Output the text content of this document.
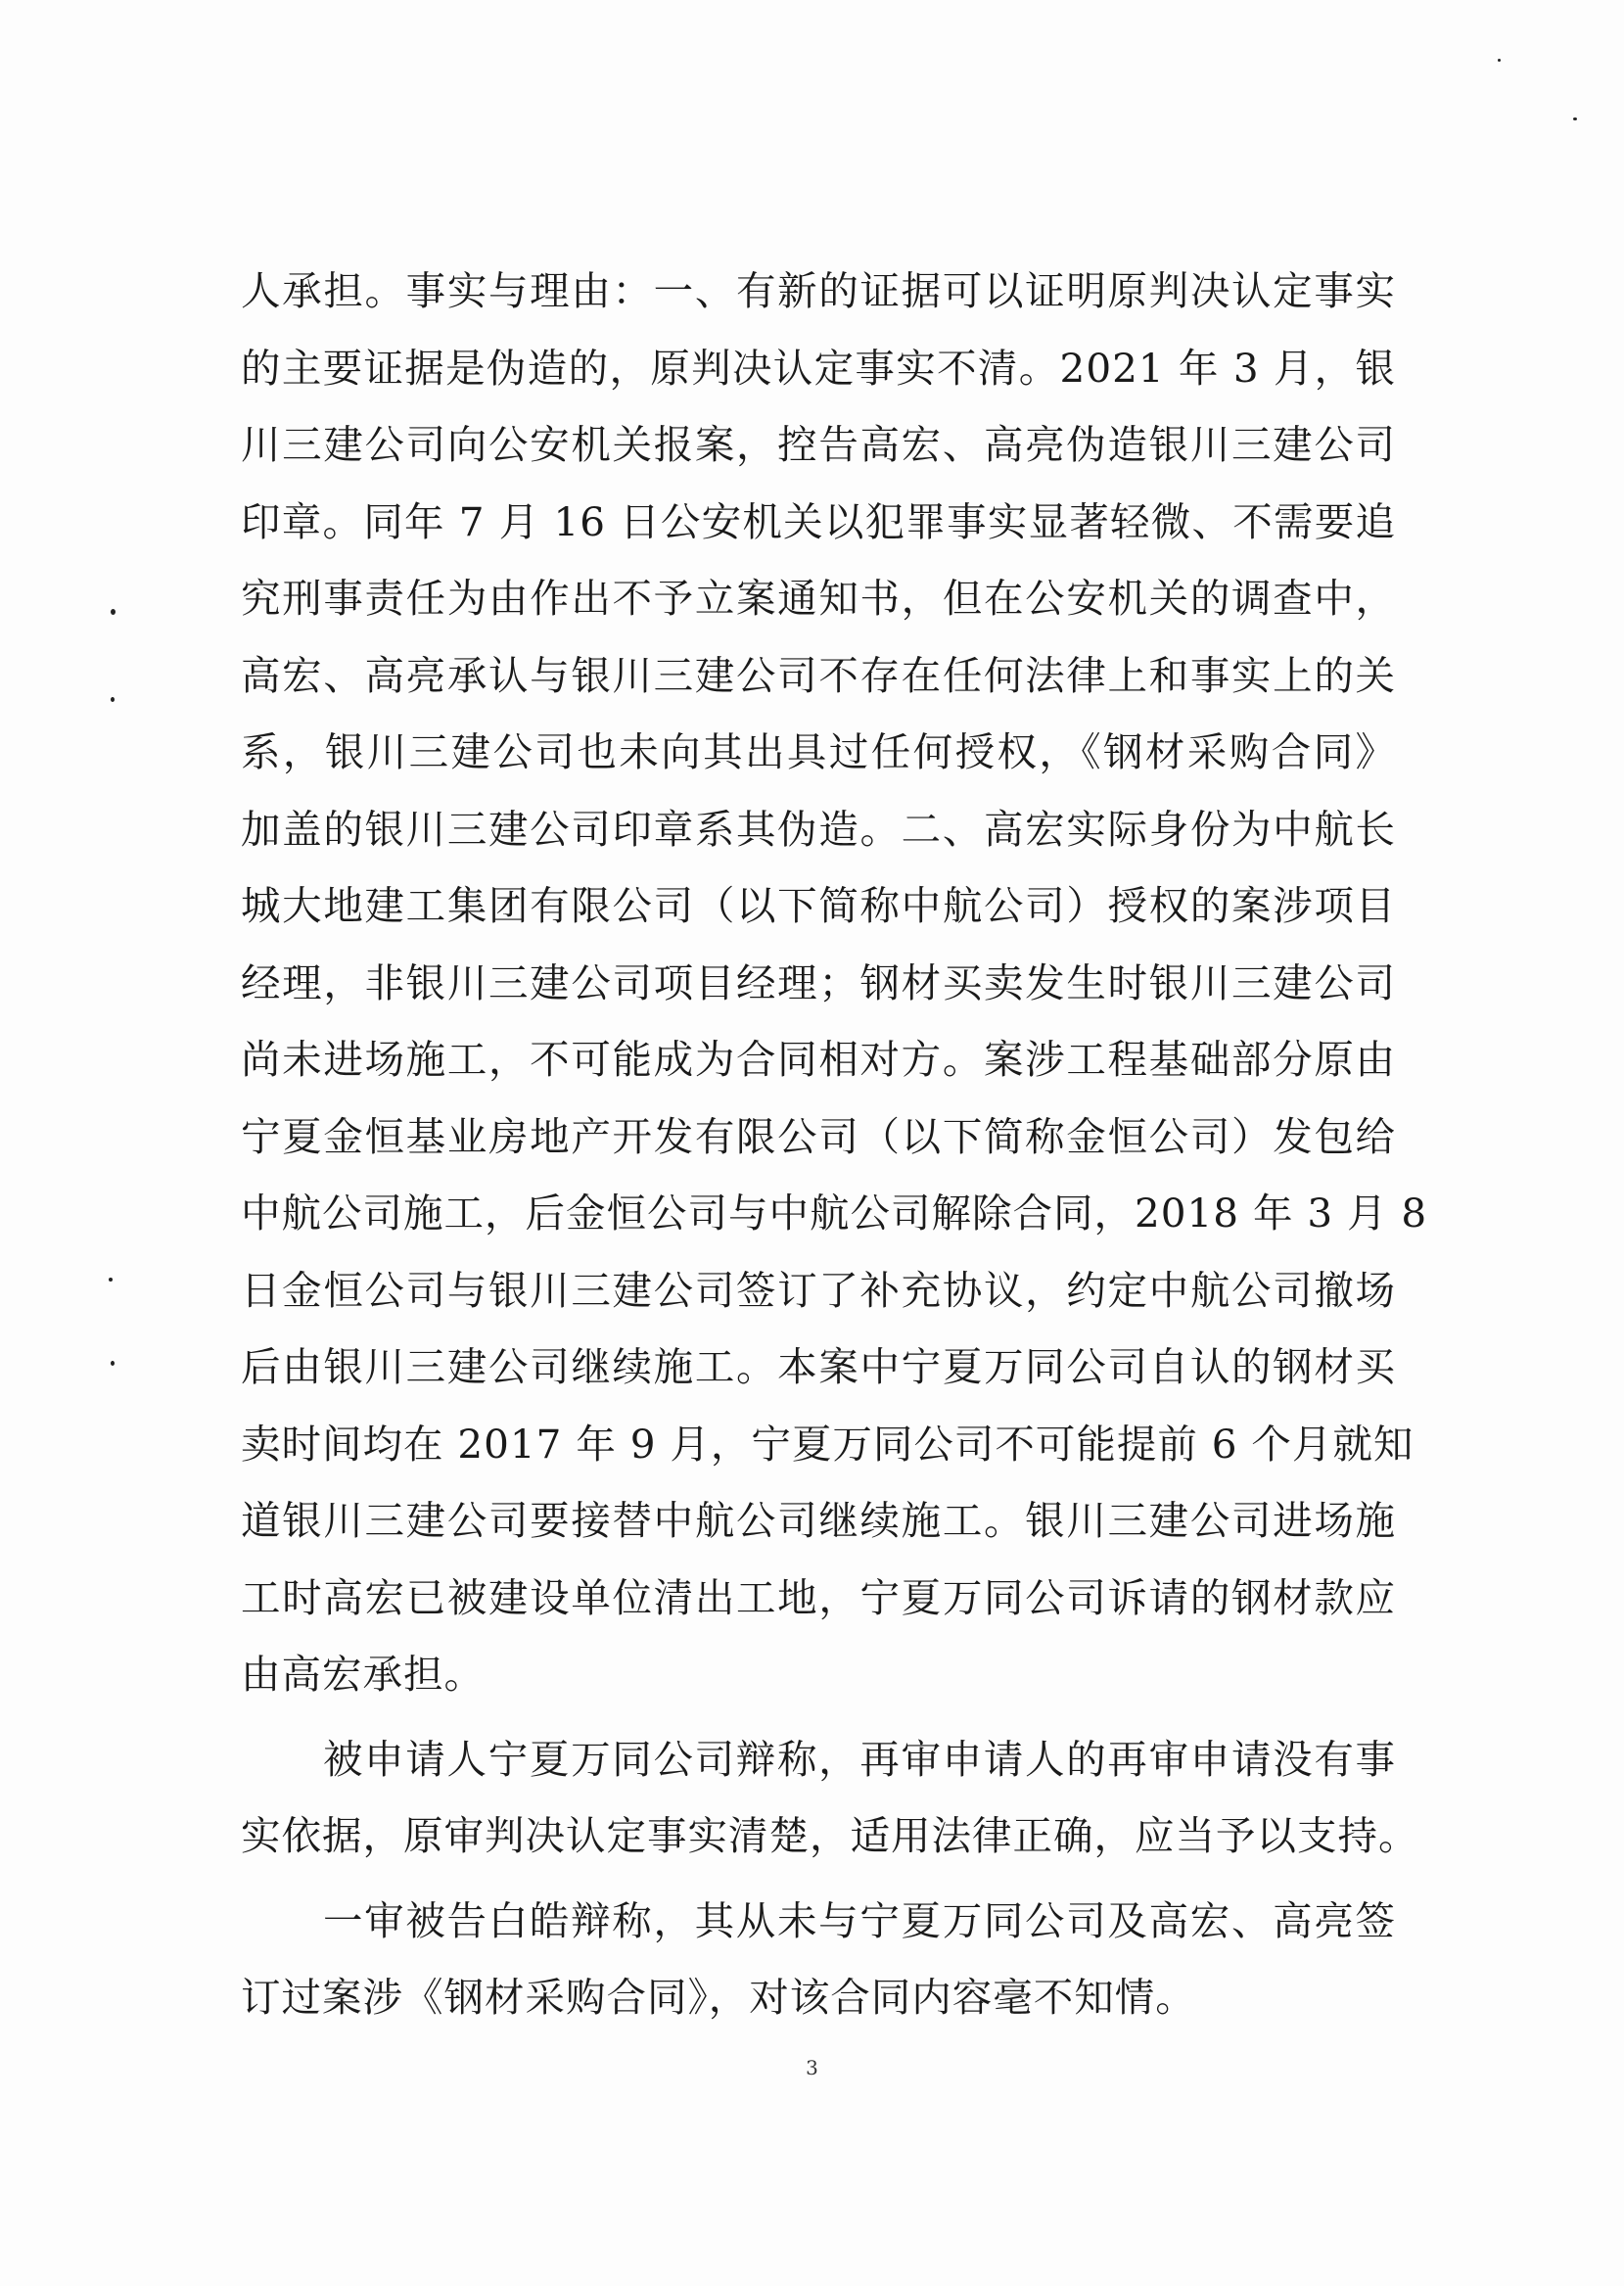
人承担。事实与理由：一、有新的证据可以证明原判决认定事实
的主要证据是伪造的，原判决认定事实不清。2021 年 3 月，银
川三建公司向公安机关报案，控告高宏、高亮伪造银川三建公司
印章。同年 7 月 16 日公安机关以犯罪事实显著轻微、不需要追
究刑事责任为由作出不予立案通知书，但在公安机关的调查中，
高宏、高亮承认与银川三建公司不存在任何法律上和事实上的关
系，银川三建公司也未向其出具过任何授权，《钢材采购合同》
加盖的银川三建公司印章系其伪造。二、高宏实际身份为中航长
城大地建工集团有限公司（以下简称中航公司）授权的案涉项目
经理，非银川三建公司项目经理；钢材买卖发生时银川三建公司
尚未进场施工，不可能成为合同相对方。案涉工程基础部分原由
宁夏金恒基业房地产开发有限公司（以下简称金恒公司）发包给
中航公司施工，后金恒公司与中航公司解除合同，2018 年 3 月 8
日金恒公司与银川三建公司签订了补充协议，约定中航公司撤场
后由银川三建公司继续施工。本案中宁夏万同公司自认的钢材买
卖时间均在 2017 年 9 月，宁夏万同公司不可能提前 6 个月就知
道银川三建公司要接替中航公司继续施工。银川三建公司进场施
工时高宏已被建设单位清出工地，宁夏万同公司诉请的钢材款应
由高宏承担。
被申请人宁夏万同公司辩称，再审申请人的再审申请没有事
实依据，原审判决认定事实清楚，适用法律正确，应当予以支持。
一审被告白皓辩称，其从未与宁夏万同公司及高宏、高亮签
订过案涉《钢材采购合同》，对该合同内容毫不知情。
3
